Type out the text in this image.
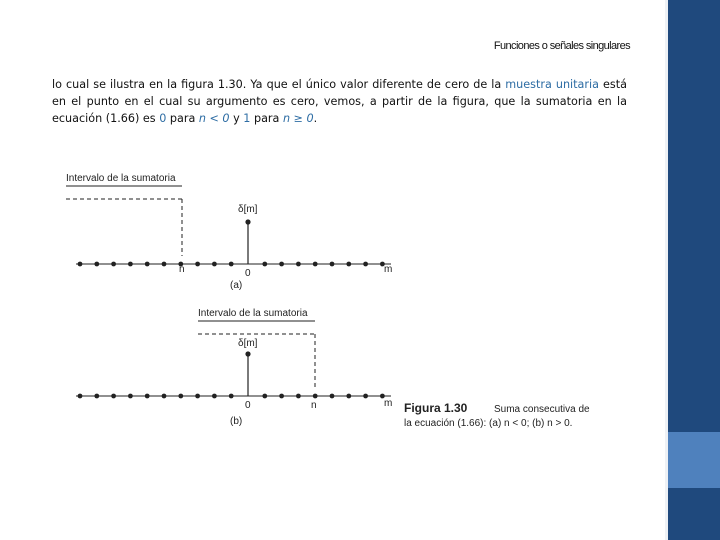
Funciones o señales singulares
lo cual se ilustra en la figura 1.30. Ya que el único valor diferente de cero de la muestra unitaria está en el punto en el cual su argumento es cero, vemos, a partir de la figura, que la sumatoria en la ecuación (1.66) es 0 para n < 0 y 1 para n ≥ 0.
Intervalo de la sumatoria
δ[m]
n	0	m
(a)
Intervalo de la sumatoria
δ[m]
0	n	m
(b)
Figura 1.30	Suma consecutiva de
la ecuación (1.66): (a) n < 0; (b) n > 0.
